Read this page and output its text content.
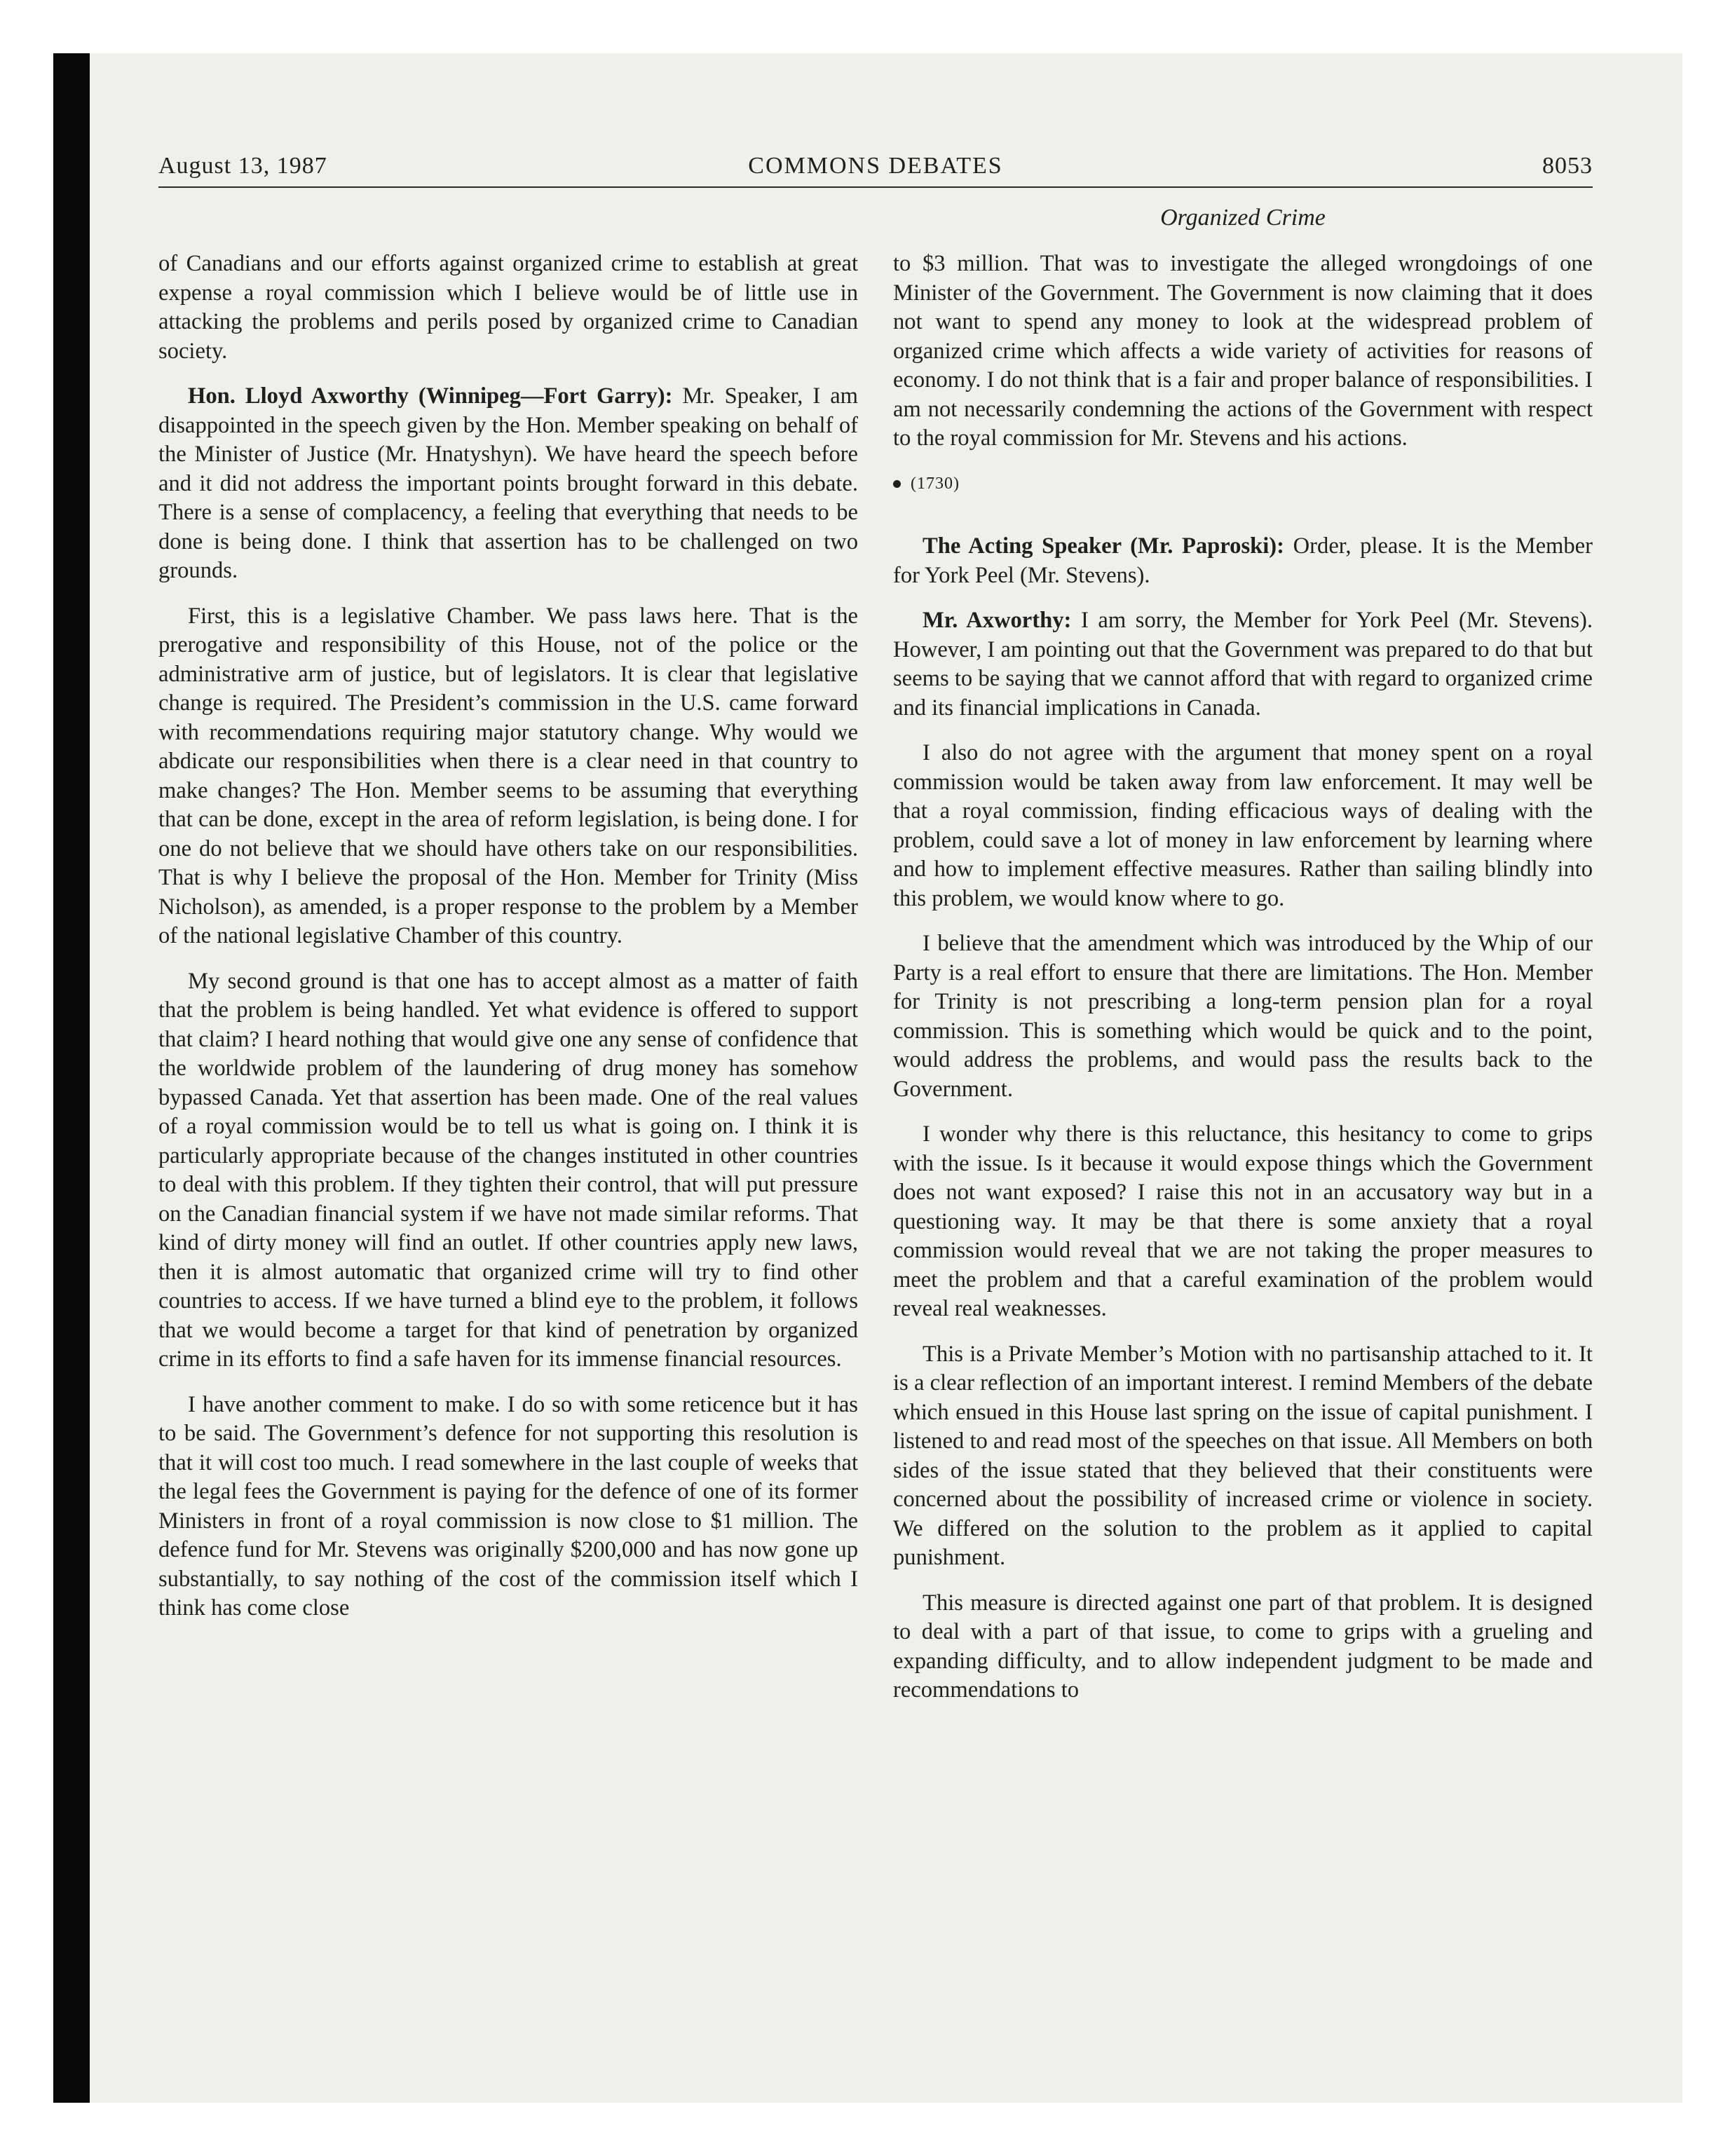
August 13, 1987	COMMONS DEBATES	8053
Organized Crime

of Canadians and our efforts against organized crime to establish at great expense a royal commission which I believe would be of little use in attacking the problems and perils posed by organized crime to Canadian society.

Hon. Lloyd Axworthy (Winnipeg—Fort Garry): Mr. Speaker, I am disappointed in the speech given by the Hon. Member speaking on behalf of the Minister of Justice (Mr. Hnatyshyn). We have heard the speech before and it did not address the important points brought forward in this debate. There is a sense of complacency, a feeling that everything that needs to be done is being done. I think that assertion has to be challenged on two grounds.

First, this is a legislative Chamber. We pass laws here. That is the prerogative and responsibility of this House, not of the police or the administrative arm of justice, but of legislators. It is clear that legislative change is required. The President’s commission in the U.S. came forward with recommendations requiring major statutory change. Why would we abdicate our responsibilities when there is a clear need in that country to make changes? The Hon. Member seems to be assuming that everything that can be done, except in the area of reform legislation, is being done. I for one do not believe that we should have others take on our responsibilities. That is why I believe the proposal of the Hon. Member for Trinity (Miss Nicholson), as amended, is a proper response to the problem by a Member of the national legislative Chamber of this country.

My second ground is that one has to accept almost as a matter of faith that the problem is being handled. Yet what evidence is offered to support that claim? I heard nothing that would give one any sense of confidence that the worldwide problem of the laundering of drug money has somehow bypassed Canada. Yet that assertion has been made. One of the real values of a royal commission would be to tell us what is going on. I think it is particularly appropriate because of the changes instituted in other countries to deal with this problem. If they tighten their control, that will put pressure on the Canadian financial system if we have not made similar reforms. That kind of dirty money will find an outlet. If other countries apply new laws, then it is almost automatic that organized crime will try to find other countries to access. If we have turned a blind eye to the problem, it follows that we would become a target for that kind of penetration by organized crime in its efforts to find a safe haven for its immense financial resources.

I have another comment to make. I do so with some reticence but it has to be said. The Government’s defence for not supporting this resolution is that it will cost too much. I read somewhere in the last couple of weeks that the legal fees the Government is paying for the defence of one of its former Ministers in front of a royal commission is now close to $1 million. The defence fund for Mr. Stevens was originally $200,000 and has now gone up substantially, to say nothing of the cost of the commission itself which I think has come close

to $3 million. That was to investigate the alleged wrongdoings of one Minister of the Government. The Government is now claiming that it does not want to spend any money to look at the widespread problem of organized crime which affects a wide variety of activities for reasons of economy. I do not think that is a fair and proper balance of responsibilities. I am not necessarily condemning the actions of the Government with respect to the royal commission for Mr. Stevens and his actions.

(1730)

The Acting Speaker (Mr. Paproski): Order, please. It is the Member for York Peel (Mr. Stevens).

Mr. Axworthy: I am sorry, the Member for York Peel (Mr. Stevens). However, I am pointing out that the Government was prepared to do that but seems to be saying that we cannot afford that with regard to organized crime and its financial implications in Canada.

I also do not agree with the argument that money spent on a royal commission would be taken away from law enforcement. It may well be that a royal commission, finding efficacious ways of dealing with the problem, could save a lot of money in law enforcement by learning where and how to implement effective measures. Rather than sailing blindly into this problem, we would know where to go.

I believe that the amendment which was introduced by the Whip of our Party is a real effort to ensure that there are limitations. The Hon. Member for Trinity is not prescribing a long-term pension plan for a royal commission. This is something which would be quick and to the point, would address the problems, and would pass the results back to the Government.

I wonder why there is this reluctance, this hesitancy to come to grips with the issue. Is it because it would expose things which the Government does not want exposed? I raise this not in an accusatory way but in a questioning way. It may be that there is some anxiety that a royal commission would reveal that we are not taking the proper measures to meet the problem and that a careful examination of the problem would reveal real weaknesses.

This is a Private Member’s Motion with no partisanship attached to it. It is a clear reflection of an important interest. I remind Members of the debate which ensued in this House last spring on the issue of capital punishment. I listened to and read most of the speeches on that issue. All Members on both sides of the issue stated that they believed that their constituents were concerned about the possibility of increased crime or violence in society. We differed on the solution to the problem as it applied to capital punishment.

This measure is directed against one part of that problem. It is designed to deal with a part of that issue, to come to grips with a grueling and expanding difficulty, and to allow independent judgment to be made and recommendations to
